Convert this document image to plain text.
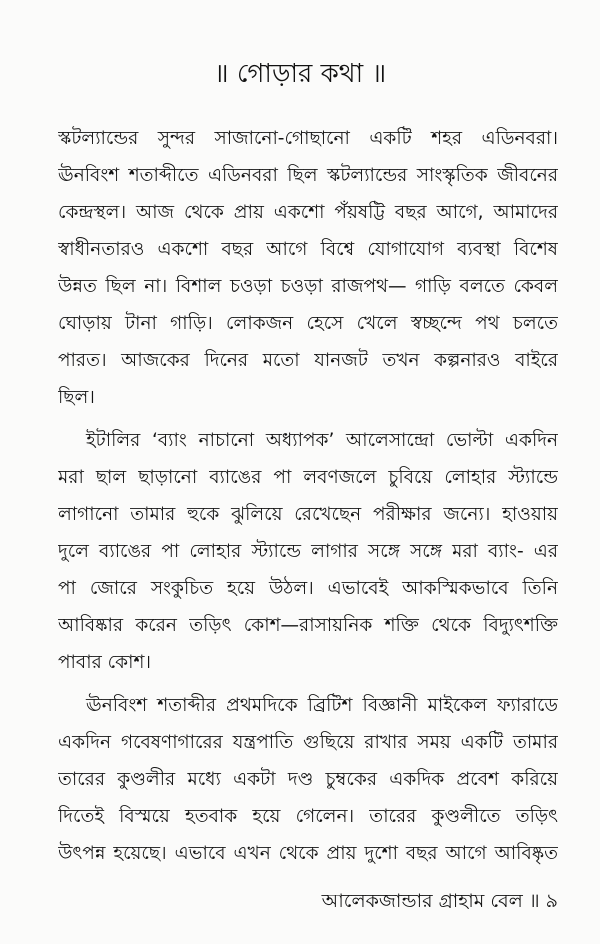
॥ গোড়ার কথা ॥
স্কটল্যান্ডের সুন্দর সাজানো-গোছানো একটি শহর এডিনবরা।
ঊনবিংশ শতাব্দীতে এডিনবরা ছিল স্কটল্যান্ডের সাংস্কৃতিক জীবনের
কেন্দ্রস্থল। আজ থেকে প্রায় একশো পঁয়ষট্টি বছর আগে, আমাদের
স্বাধীনতারও একশো বছর আগে বিশ্বে যোগাযোগ ব্যবস্থা বিশেষ
উন্নত ছিল না। বিশাল চওড়া চওড়া রাজপথ— গাড়ি বলতে কেবল
ঘোড়ায় টানা গাড়ি। লোকজন হেসে খেলে স্বচ্ছন্দে পথ চলতে
পারত। আজকের দিনের মতো যানজট তখন কল্পনারও বাইরে
ছিল।
ইটালির ‘ব্যাং নাচানো অধ্যাপক’ আলেসান্দ্রো ভোল্টা একদিন
মরা ছাল ছাড়ানো ব্যাঙের পা লবণজলে চুবিয়ে লোহার স্ট্যান্ডে
লাগানো তামার হুকে ঝুলিয়ে রেখেছেন পরীক্ষার জন্যে। হাওয়ায়
দুলে ব্যাঙের পা লোহার স্ট্যান্ডে লাগার সঙ্গে সঙ্গে মরা ব্যাং- এর
পা জোরে সংকুচিত হয়ে উঠল। এভাবেই আকস্মিকভাবে তিনি
আবিষ্কার করেন তড়িৎ কোশ—রাসায়নিক শক্তি থেকে বিদ্যুৎশক্তি
পাবার কোশ।
ঊনবিংশ শতাব্দীর প্রথমদিকে ব্রিটিশ বিজ্ঞানী মাইকেল ফ্যারাডে
একদিন গবেষণাগারের যন্ত্রপাতি গুছিয়ে রাখার সময় একটি তামার
তারের কুণ্ডলীর মধ্যে একটা দণ্ড চুম্বকের একদিক প্রবেশ করিয়ে
দিতেই বিস্ময়ে হতবাক হয়ে গেলেন। তারের কুণ্ডলীতে তড়িৎ
উৎপন্ন হয়েছে। এভাবে এখন থেকে প্রায় দুশো বছর আগে আবিষ্কৃত
আলেকজান্ডার গ্রাহাম বেল ॥ ৯
